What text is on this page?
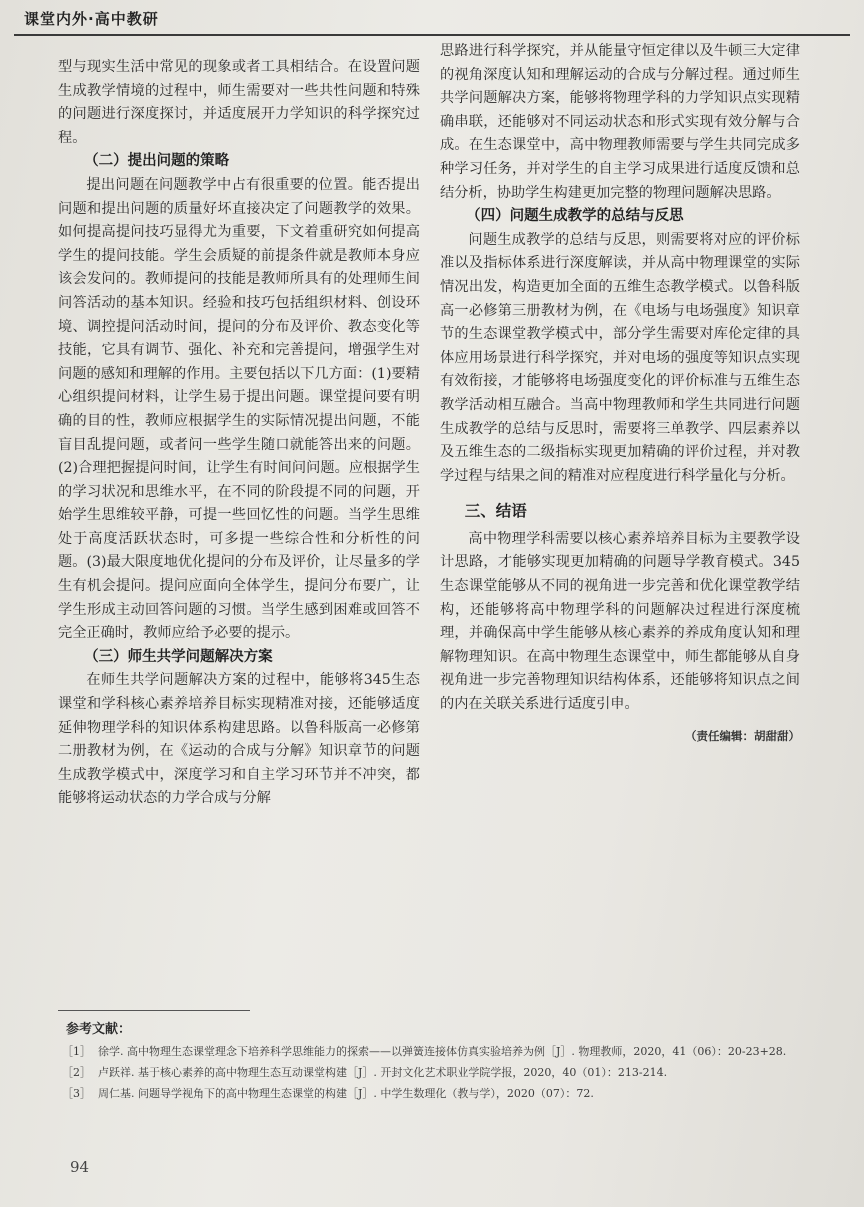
课堂内外·高中教研

型与现实生活中常见的现象或者工具相结合。在设置问题生成教学情境的过程中，师生需要对一些共性问题和特殊的问题进行深度探讨，并适度展开力学知识的科学探究过程。

（二）提出问题的策略

提出问题在问题教学中占有很重要的位置。能否提出问题和提出问题的质量好坏直接决定了问题教学的效果。如何提高提问技巧显得尤为重要，下文着重研究如何提高学生的提问技能。学生会质疑的前提条件就是教师本身应该会发问的。教师提问的技能是教师所具有的处理师生间问答活动的基本知识。经验和技巧包括组织材料、创设环境、调控提问活动时间，提问的分布及评价、教态变化等技能，它具有调节、强化、补充和完善提问，增强学生对问题的感知和理解的作用。主要包括以下几方面：(1)要精心组织提问材料，让学生易于提出问题。课堂提问要有明确的目的性，教师应根据学生的实际情况提出问题，不能盲目乱提问题，或者问一些学生随口就能答出来的问题。(2)合理把握提问时间，让学生有时间问问题。应根据学生的学习状况和思维水平，在不同的阶段提不同的问题，开始学生思维较平静，可提一些回忆性的问题。当学生思维处于高度活跃状态时，可多提一些综合性和分析性的问题。(3)最大限度地优化提问的分布及评价，让尽量多的学生有机会提问。提问应面向全体学生，提问分布要广，让学生形成主动回答问题的习惯。当学生感到困难或回答不完全正确时，教师应给予必要的提示。

（三）师生共学问题解决方案

在师生共学问题解决方案的过程中，能够将345生态课堂和学科核心素养培养目标实现精准对接，还能够适度延伸物理学科的知识体系构建思路。以鲁科版高一必修第二册教材为例，在《运动的合成与分解》知识章节的问题生成教学模式中，深度学习和自主学习环节并不冲突，都能够将运动状态的力学合成与分解

思路进行科学探究，并从能量守恒定律以及牛顿三大定律的视角深度认知和理解运动的合成与分解过程。通过师生共学问题解决方案，能够将物理学科的力学知识点实现精确串联，还能够对不同运动状态和形式实现有效分解与合成。在生态课堂中，高中物理教师需要与学生共同完成多种学习任务，并对学生的自主学习成果进行适度反馈和总结分析，协助学生构建更加完整的物理问题解决思路。

（四）问题生成教学的总结与反思

问题生成教学的总结与反思，则需要将对应的评价标准以及指标体系进行深度解读，并从高中物理课堂的实际情况出发，构造更加全面的五维生态教学模式。以鲁科版高一必修第三册教材为例，在《电场与电场强度》知识章节的生态课堂教学模式中，部分学生需要对库伦定律的具体应用场景进行科学探究，并对电场的强度等知识点实现有效衔接，才能够将电场强度变化的评价标准与五维生态教学活动相互融合。当高中物理教师和学生共同进行问题生成教学的总结与反思时，需要将三单教学、四层素养以及五维生态的二级指标实现更加精确的评价过程，并对教学过程与结果之间的精准对应程度进行科学量化与分析。

三、结语

高中物理学科需要以核心素养培养目标为主要教学设计思路，才能够实现更加精确的问题导学教育模式。345生态课堂能够从不同的视角进一步完善和优化课堂教学结构，还能够将高中物理学科的问题解决过程进行深度梳理，并确保高中学生能够从核心素养的养成角度认知和理解物理知识。在高中物理生态课堂中，师生都能够从自身视角进一步完善物理知识结构体系，还能够将知识点之间的内在关联关系进行适度引申。

（责任编辑：胡甜甜）
参考文献：
［1］ 徐学. 高中物理生态课堂理念下培养科学思维能力的探索——以弹簧连接体仿真实验培养为例［J］. 物理教师，2020，41（06）：20-23+28.
［2］ 卢跃祥. 基于核心素养的高中物理生态互动课堂构建［J］. 开封文化艺术职业学院学报，2020，40（01）：213-214.
［3］ 周仁基. 问题导学视角下的高中物理生态课堂的构建［J］. 中学生数理化（教与学），2020（07）：72.
94
